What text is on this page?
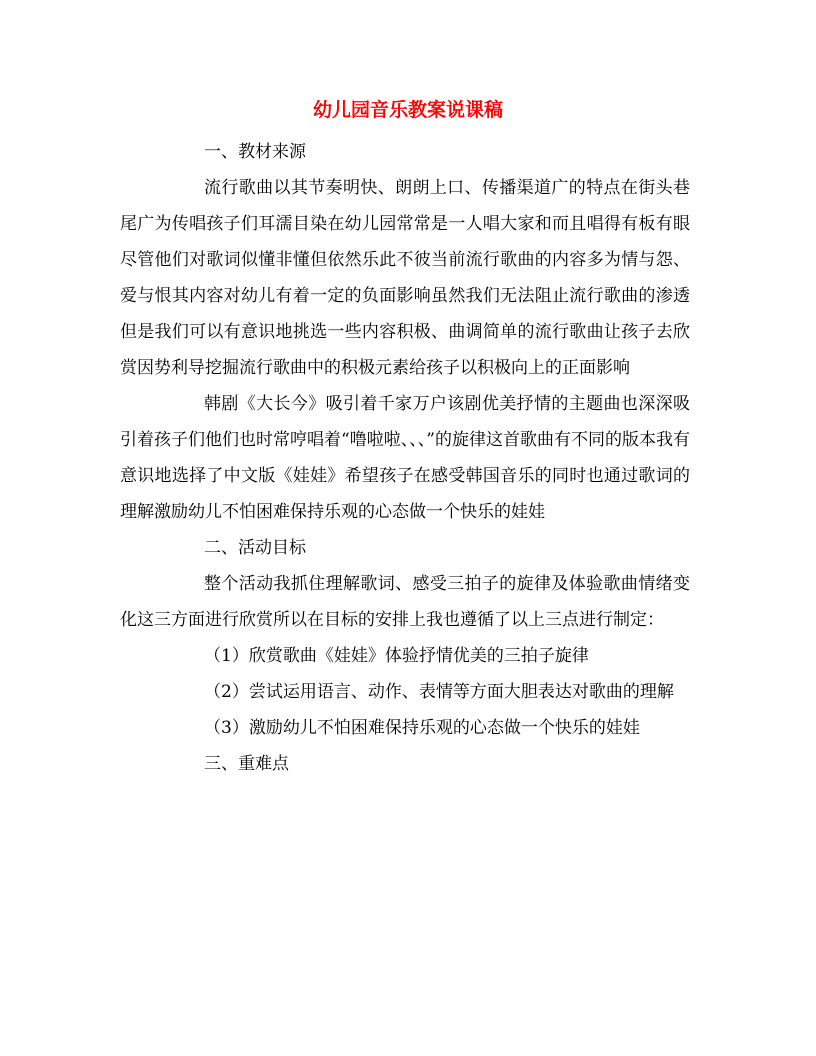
幼儿园音乐教案说课稿

一、教材来源

流行歌曲以其节奏明快、朗朗上口、传播渠道广的特点在街头巷尾广为传唱孩子们耳濡目染在幼儿园常常是一人唱大家和而且唱得有板有眼尽管他们对歌词似懂非懂但依然乐此不彼当前流行歌曲的内容多为情与怨、爱与恨其内容对幼儿有着一定的负面影响虽然我们无法阻止流行歌曲的渗透但是我们可以有意识地挑选一些内容积极、曲调简单的流行歌曲让孩子去欣赏因势利导挖掘流行歌曲中的积极元素给孩子以积极向上的正面影响

韩剧《大长今》吸引着千家万户该剧优美抒情的主题曲也深深吸引着孩子们他们也时常哼唱着“噜啦啦、、、”的旋律这首歌曲有不同的版本我有意识地选择了中文版《娃娃》希望孩子在感受韩国音乐的同时也通过歌词的理解激励幼儿不怕困难保持乐观的心态做一个快乐的娃娃

二、活动目标

整个活动我抓住理解歌词、感受三拍子的旋律及体验歌曲情绪变化这三方面进行欣赏所以在目标的安排上我也遵循了以上三点进行制定：

（1）欣赏歌曲《娃娃》体验抒情优美的三拍子旋律

（2）尝试运用语言、动作、表情等方面大胆表达对歌曲的理解

（3）激励幼儿不怕困难保持乐观的心态做一个快乐的娃娃

三、重难点
